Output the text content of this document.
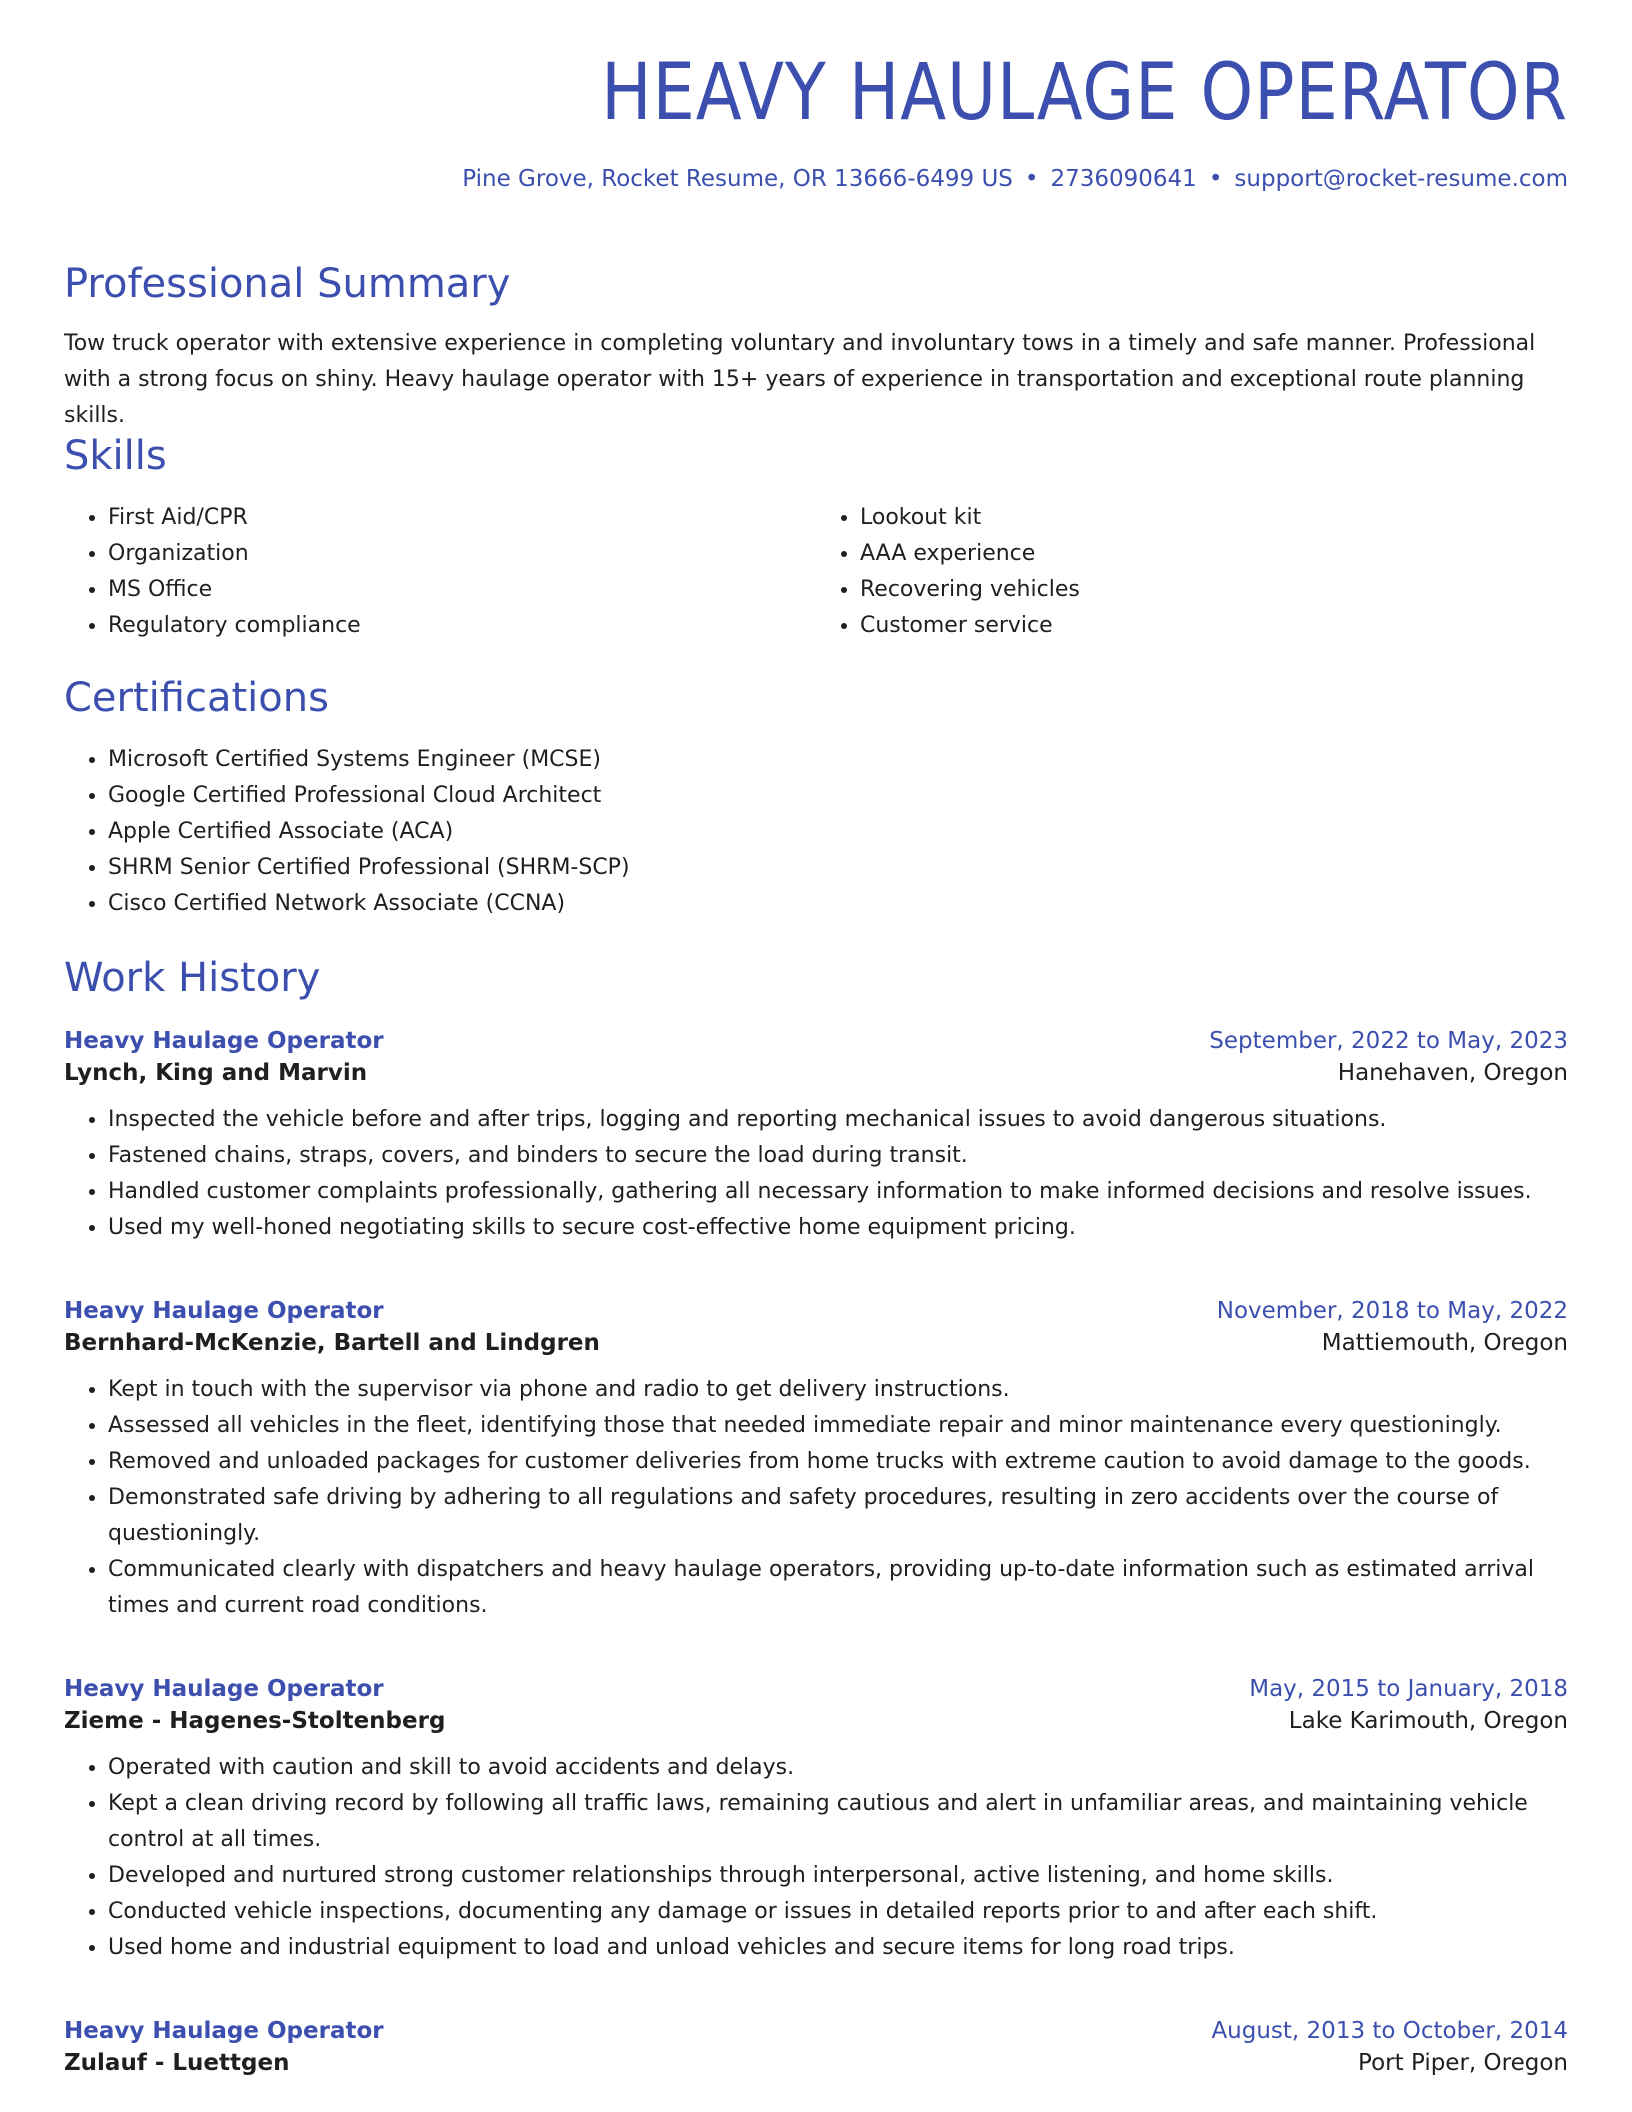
HEAVY HAULAGE OPERATOR
Pine Grove, Rocket Resume, OR 13666-6499 US • 2736090641 • support@rocket-resume.com
Professional Summary

Tow truck operator with extensive experience in completing voluntary and involuntary tows in a timely and safe manner. Professional with a strong focus on shiny. Heavy haulage operator with 15+ years of experience in transportation and exceptional route planning skills.

Skills
• First Aid/CPR
• Organization
• MS Office
• Regulatory compliance
• Lookout kit
• AAA experience
• Recovering vehicles
• Customer service
Certifications
• Microsoft Certified Systems Engineer (MCSE)
• Google Certified Professional Cloud Architect
• Apple Certified Associate (ACA)
• SHRM Senior Certified Professional (SHRM-SCP)
• Cisco Certified Network Associate (CCNA)
Work History
Heavy Haulage Operator	September, 2022 to May, 2023
Lynch, King and Marvin	Hanehaven, Oregon
• Inspected the vehicle before and after trips, logging and reporting mechanical issues to avoid dangerous situations.
• Fastened chains, straps, covers, and binders to secure the load during transit.
• Handled customer complaints professionally, gathering all necessary information to make informed decisions and resolve issues.
• Used my well-honed negotiating skills to secure cost-effective home equipment pricing.
Heavy Haulage Operator	November, 2018 to May, 2022
Bernhard-McKenzie, Bartell and Lindgren	Mattiemouth, Oregon
• Kept in touch with the supervisor via phone and radio to get delivery instructions.
• Assessed all vehicles in the fleet, identifying those that needed immediate repair and minor maintenance every questioningly.
• Removed and unloaded packages for customer deliveries from home trucks with extreme caution to avoid damage to the goods.
• Demonstrated safe driving by adhering to all regulations and safety procedures, resulting in zero accidents over the course of questioningly.
• Communicated clearly with dispatchers and heavy haulage operators, providing up-to-date information such as estimated arrival times and current road conditions.
Heavy Haulage Operator	May, 2015 to January, 2018
Zieme - Hagenes-Stoltenberg	Lake Karimouth, Oregon
• Operated with caution and skill to avoid accidents and delays.
• Kept a clean driving record by following all traffic laws, remaining cautious and alert in unfamiliar areas, and maintaining vehicle control at all times.
• Developed and nurtured strong customer relationships through interpersonal, active listening, and home skills.
• Conducted vehicle inspections, documenting any damage or issues in detailed reports prior to and after each shift.
• Used home and industrial equipment to load and unload vehicles and secure items for long road trips.
Heavy Haulage Operator	August, 2013 to October, 2014
Zulauf - Luettgen	Port Piper, Oregon
